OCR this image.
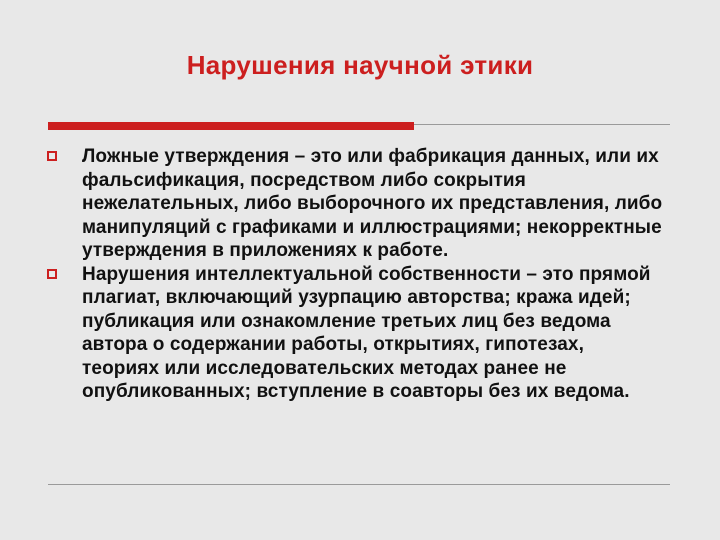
Нарушения научной этики
Ложные утверждения – это или фабрикация данных, или их фальсификация, посредством либо сокрытия нежелательных, либо выборочного их представления, либо манипуляций с графиками и иллюстрациями; некорректные утверждения в приложениях к работе.
Нарушения интеллектуальной собственности – это прямой плагиат, включающий узурпацию авторства; кража идей; публикация или ознакомление третьих лиц без ведома автора о содержании работы, открытиях, гипотезах, теориях или исследовательских методах ранее не опубликованных; вступление в соавторы без их ведома.
